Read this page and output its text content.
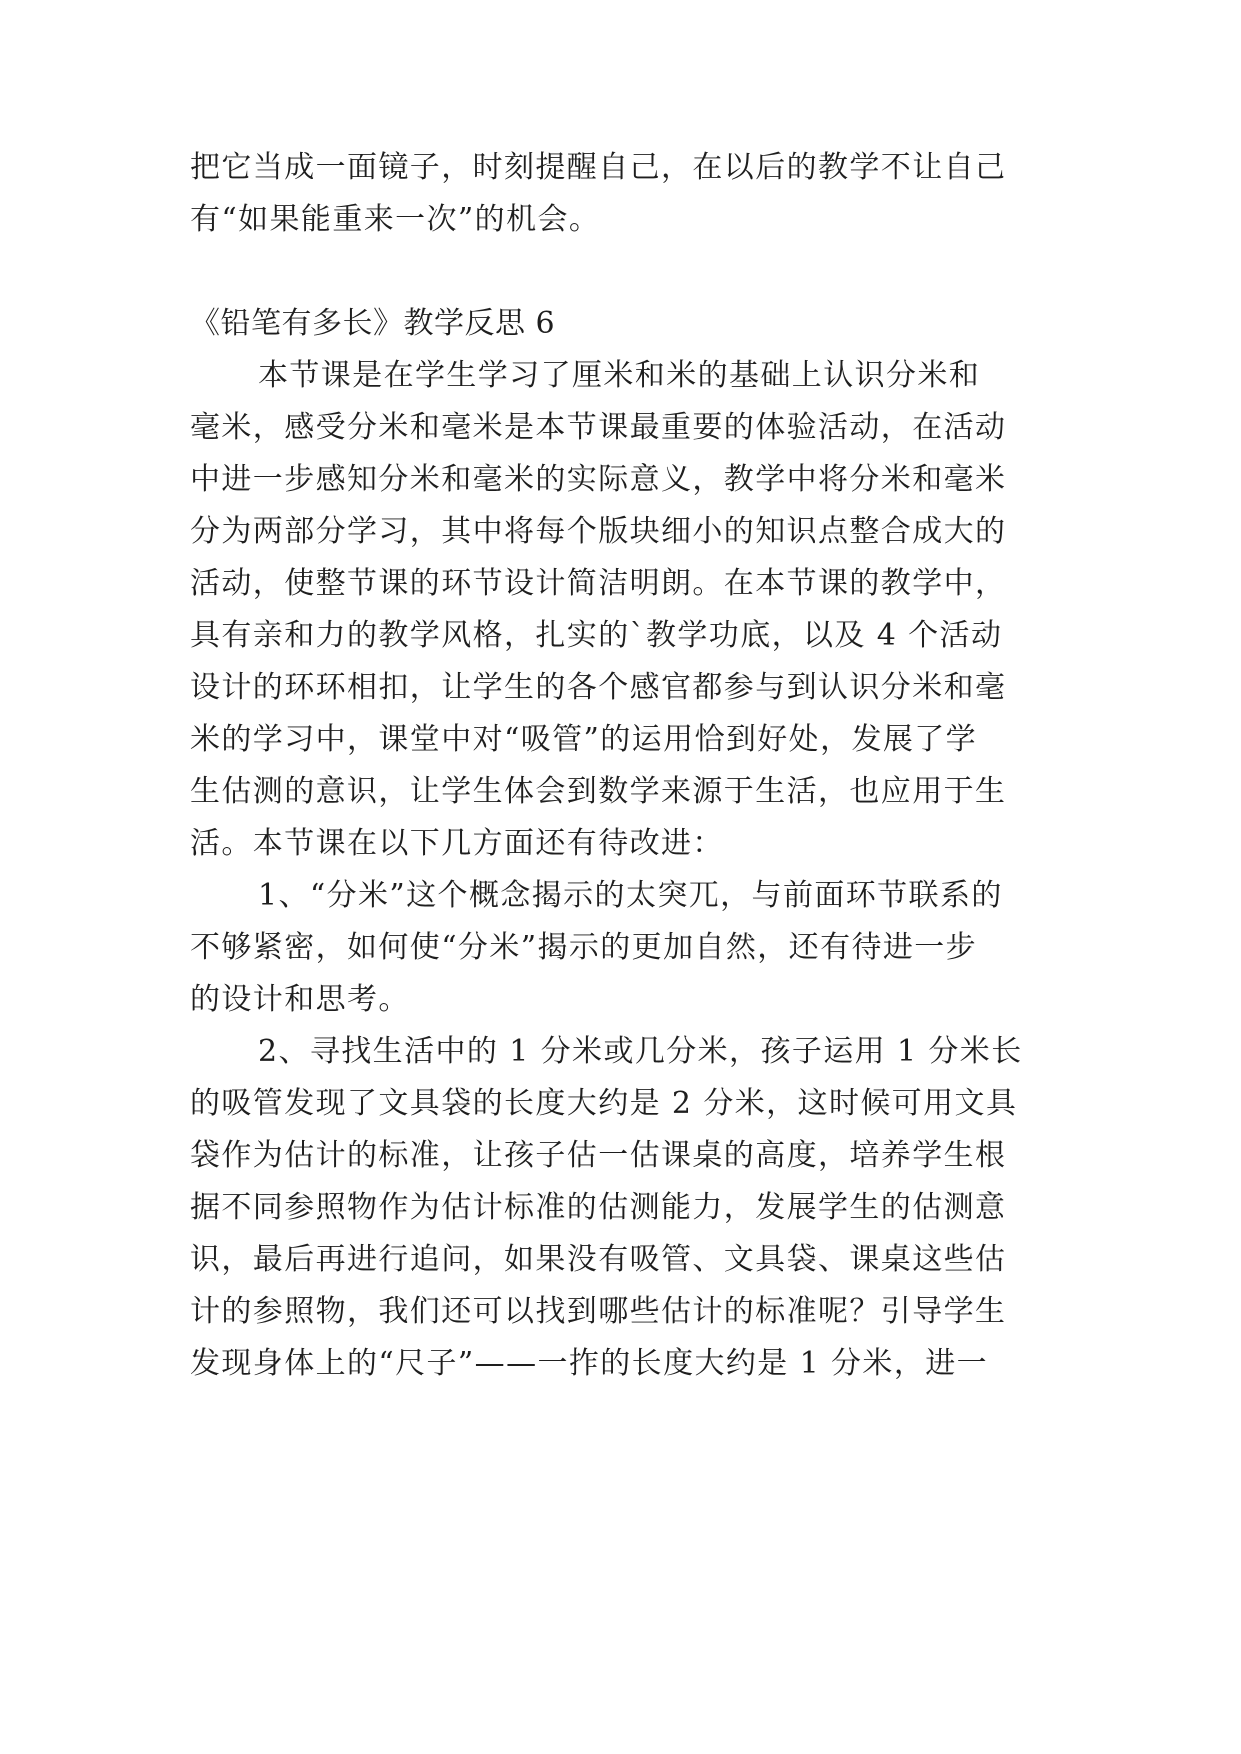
把它当成一面镜子，时刻提醒自己，在以后的教学不让自己
有“如果能重来一次”的机会。
《铅笔有多长》教学反思 6
本节课是在学生学习了厘米和米的基础上认识分米和
毫米，感受分米和毫米是本节课最重要的体验活动，在活动
中进一步感知分米和毫米的实际意义，教学中将分米和毫米
分为两部分学习，其中将每个版块细小的知识点整合成大的
活动，使整节课的环节设计简洁明朗。在本节课的教学中，
具有亲和力的教学风格，扎实的`教学功底，以及 4 个活动
设计的环环相扣，让学生的各个感官都参与到认识分米和毫
米的学习中，课堂中对“吸管”的运用恰到好处，发展了学
生估测的意识，让学生体会到数学来源于生活，也应用于生
活。本节课在以下几方面还有待改进：
1、“分米”这个概念揭示的太突兀，与前面环节联系的
不够紧密，如何使“分米”揭示的更加自然，还有待进一步
的设计和思考。
2、寻找生活中的 1 分米或几分米，孩子运用 1 分米长
的吸管发现了文具袋的长度大约是 2 分米，这时候可用文具
袋作为估计的标准，让孩子估一估课桌的高度，培养学生根
据不同参照物作为估计标准的估测能力，发展学生的估测意
识，最后再进行追问，如果没有吸管、文具袋、课桌这些估
计的参照物，我们还可以找到哪些估计的标准呢？引导学生
发现身体上的“尺子”——一拃的长度大约是 1 分米，进一
